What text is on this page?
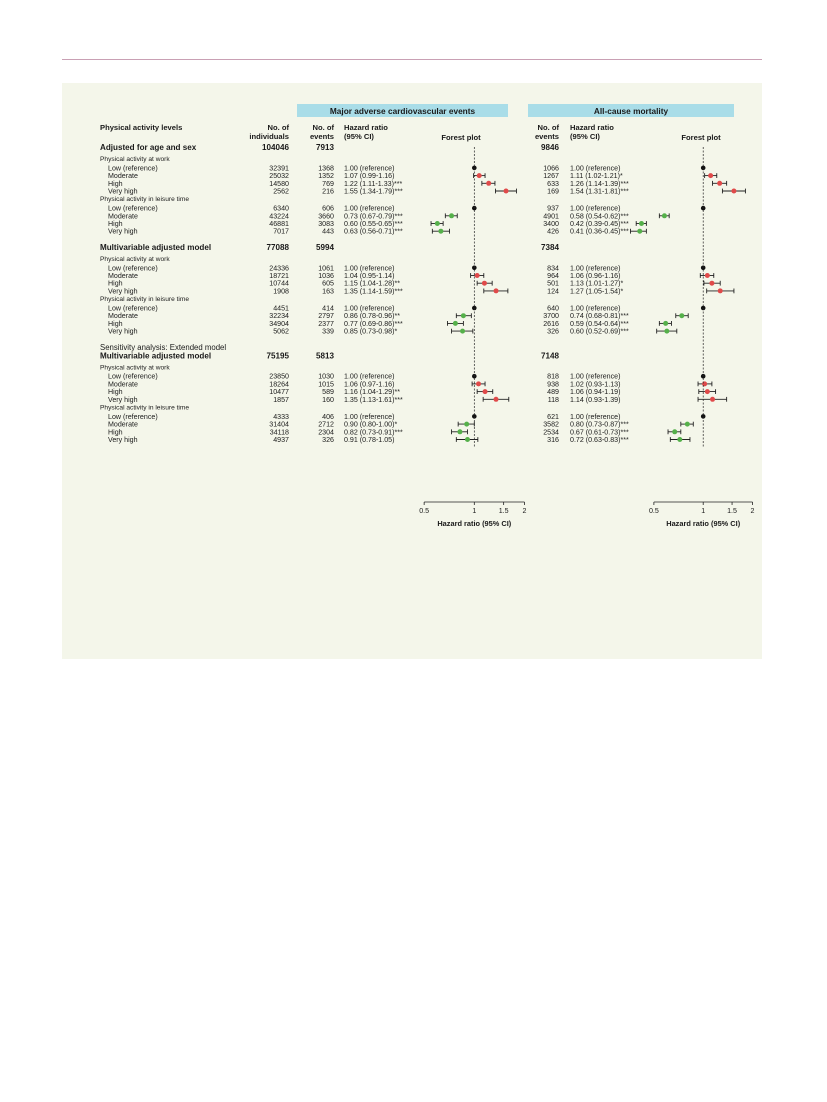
Major adverse cardiovascular events	All-cause mortality
Physical activity levels	No. of
individuals
No. of
events
Hazard ratio
(95% CI)	Forest plot
No. of
events
Hazard ratio
(95% CI)	Forest plot
Adjusted for age and sex	104046	7913	9846
Physical activity at work
Low (reference)	32391	1368 1.00 (reference)	1066 1.00 (reference)
Moderate	25032	1352 1.07 (0.99-1.16)	1267 1.11 (1.02-1.21)*
High	14580	769 1.22 (1.11-1.33)***	633 1.26 (1.14-1.39)***
Very high	2562	216 1.55 (1.34-1.79)***	169 1.54 (1.31-1.81)***
Physical activity in leisure time
Low (reference)	6340	606 1.00 (reference)	937 1.00 (reference)
Moderate	43224	3660 0.73 (0.67-0.79)***	4901 0.58 (0.54-0.62)***
High	46881	3083 0.60 (0.55-0.65)***	3400 0.42 (0.39-0.45)***
Very high	7017	443 0.63 (0.56-0.71)***	426 0.41 (0.36-0.45)***
Multivariable adjusted model	77088	5994	7384
Physical activity at work
Low (reference)	24336	1061 1.00 (reference)	834 1.00 (reference)
Moderate	18721	1036 1.04 (0.95-1.14)	964 1.06 (0.96-1.16)
High	10744	605 1.15 (1.04-1.28)**	501 1.13 (1.01-1.27)*
Very high	1908	163 1.35 (1.14-1.59)***	124 1.27 (1.05-1.54)*
Physical activity in leisure time
Low (reference)	4451	414 1.00 (reference)	640 1.00 (reference)
Moderate	32234	2797 0.86 (0.78-0.96)**	3700 0.74 (0.68-0.81)***
High	34904	2377 0.77 (0.69-0.86)***	2616 0.59 (0.54-0.64)***
Very high	5062	339 0.85 (0.73-0.98)*	326 0.60 (0.52-0.69)***
Sensitivity analysis: Extended model
Multivariable adjusted model	75195	5813	7148
Physical activity at work
Low (reference)	23850	1030 1.00 (reference)	818 1.00 (reference)
Moderate	18264	1015 1.06 (0.97-1.16)	938 1.02 (0.93-1.13)
High	10477	589 1.16 (1.04-1.29)**	489 1.06 (0.94-1.19)
Very high	1857	160 1.35 (1.13-1.61)***	118 1.14 (0.93-1.39)
Physical activity in leisure time
Low (reference)	4333	406 1.00 (reference)	621 1.00 (reference)
Moderate	31404	2712 0.90 (0.80-1.00)*	3582 0.80 (0.73-0.87)***
High	34118	2304 0.82 (0.73-0.91)***	2534 0.67 (0.61-0.73)***
Very high	4937	326 0.91 (0.78-1.05)	316 0.72 (0.63-0.83)***
0.5	1	1.5 2
Hazard ratio (95% CI)
0.5	1	1.5 2
Hazard ratio (95% CI)
